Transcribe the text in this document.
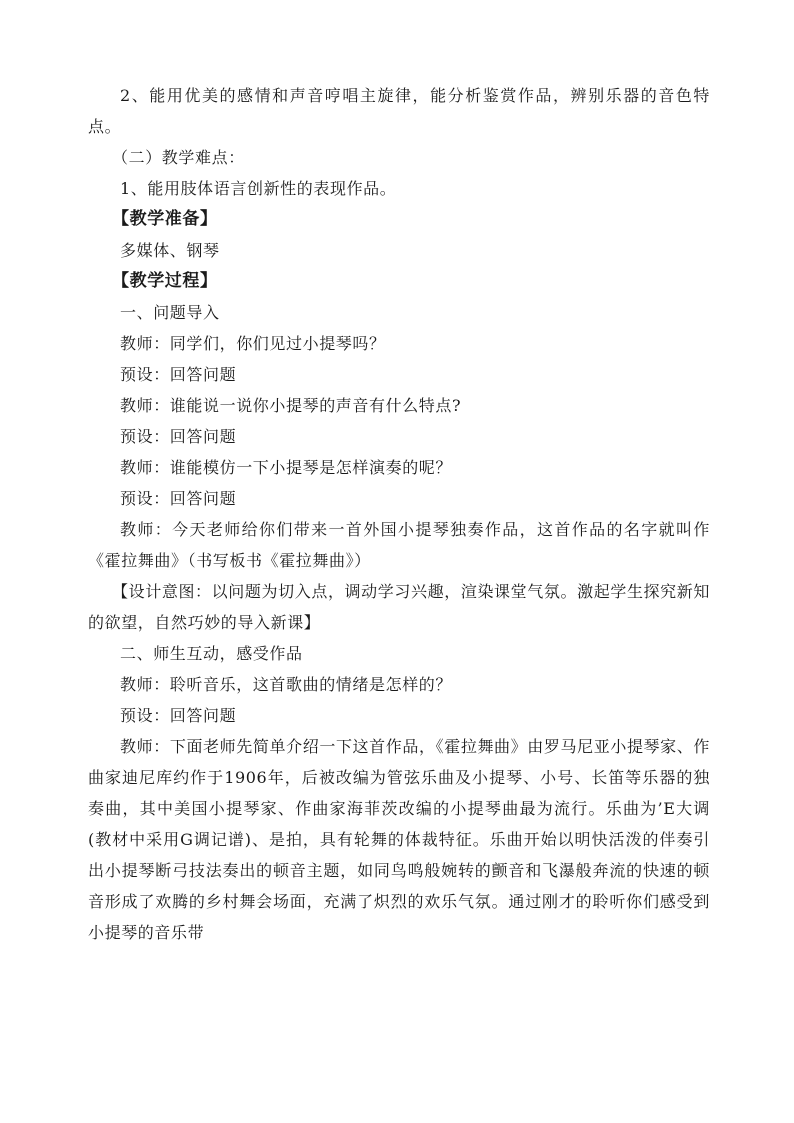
2、能用优美的感情和声音哼唱主旋律，能分析鉴赏作品，辨别乐器的音色特点。

（二）教学难点：

1、能用肢体语言创新性的表现作品。

【教学准备】

多媒体、钢琴

【教学过程】

一、问题导入

教师：同学们，你们见过小提琴吗？

预设：回答问题

教师：谁能说一说你小提琴的声音有什么特点?

预设：回答问题

教师：谁能模仿一下小提琴是怎样演奏的呢？

预设：回答问题

教师：今天老师给你们带来一首外国小提琴独奏作品，这首作品的名字就叫作《霍拉舞曲》（书写板书《霍拉舞曲》）

【设计意图：以问题为切入点，调动学习兴趣，渲染课堂气氛。激起学生探究新知的欲望，自然巧妙的导入新课】

二、师生互动，感受作品

教师：聆听音乐，这首歌曲的情绪是怎样的？

预设：回答问题

教师：下面老师先简单介绍一下这首作品，《霍拉舞曲》由罗马尼亚小提琴家、作曲家迪尼库约作于1906年，后被改编为管弦乐曲及小提琴、小号、长笛等乐器的独奏曲，其中美国小提琴家、作曲家海菲茨改编的小提琴曲最为流行。乐曲为’E大调(教材中采用G调记谱)、是拍，具有轮舞的体裁特征。乐曲开始以明快活泼的伴奏引出小提琴断弓技法奏出的顿音主题，如同鸟鸣般婉转的颤音和飞瀑般奔流的快速的顿音形成了欢腾的乡村舞会场面，充满了炽烈的欢乐气氛。通过刚才的聆听你们感受到小提琴的音乐带
